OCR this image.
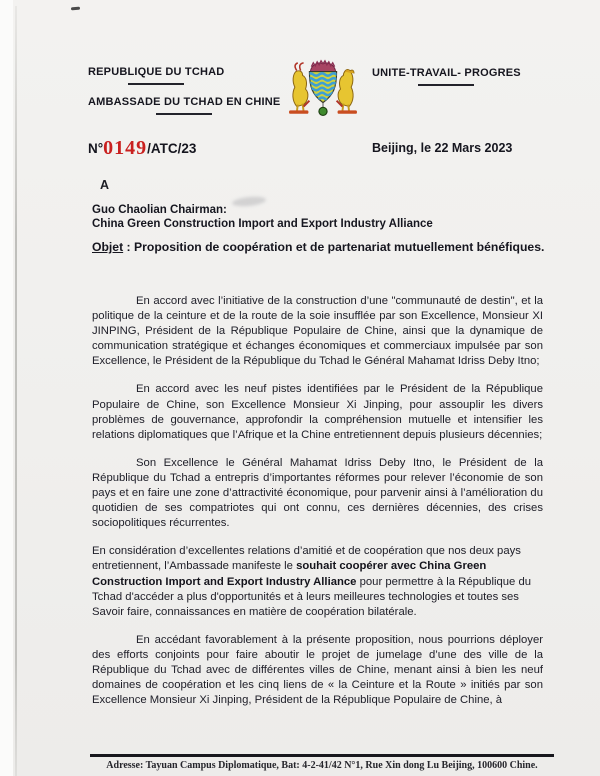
REPUBLIQUE DU TCHAD
AMBASSADE DU TCHAD EN CHINE
UNITE-TRAVAIL- PROGRES
N°0149/ATC/23	Beijing, le 22 Mars 2023
A
Guo Chaolian Chairman:
China Green Construction Import and Export Industry Alliance
Objet : Proposition de coopération et de partenariat mutuellement bénéfiques.

En accord avec l’initiative de la construction d’une "communauté de destin", et la politique de la ceinture et de la route de la soie insufflée par son Excellence, Monsieur XI JINPING, Président de la République Populaire de Chine, ainsi que la dynamique de communication stratégique et échanges économiques et commerciaux impulsée par son Excellence, le Président de la République du Tchad le Général Mahamat Idriss Deby Itno;

En accord avec les neuf pistes identifiées par le Président de la République Populaire de Chine, son Excellence Monsieur Xi Jinping, pour assouplir les divers problèmes de gouvernance, approfondir la compréhension mutuelle et intensifier les relations diplomatiques que l’Afrique et la Chine entretiennent depuis plusieurs décennies;

Son Excellence le Général Mahamat Idriss Deby Itno, le Président de la République du Tchad a entrepris d’importantes réformes pour relever l’économie de son pays et en faire une zone d’attractivité économique, pour parvenir ainsi à l’amélioration du quotidien de ses compatriotes qui ont connu, ces dernières décennies, des crises sociopolitiques récurrentes.

En considération d’excellentes relations d’amitié et de coopération que nos deux pays entretiennent, l’Ambassade manifeste le souhait coopérer avec China Green Construction Import and Export Industry Alliance pour permettre à la République du Tchad d'accéder a plus d'opportunités et à leurs meilleures technologies et toutes ses Savoir faire, connaissances en matière de coopération bilatérale.

En accédant favorablement à la présente proposition, nous pourrions déployer des efforts conjoints pour faire aboutir le projet de jumelage d’une des ville de la République du Tchad avec de différentes villes de Chine, menant ainsi à bien les neuf domaines de coopération et les cinq liens de « la Ceinture et la Route » initiés par son Excellence Monsieur Xi Jinping, Président de la République Populaire de Chine, à

Adresse: Tayuan Campus Diplomatique, Bat: 4-2-41/42 N°1, Rue Xin dong Lu Beijing, 100600 Chine.
